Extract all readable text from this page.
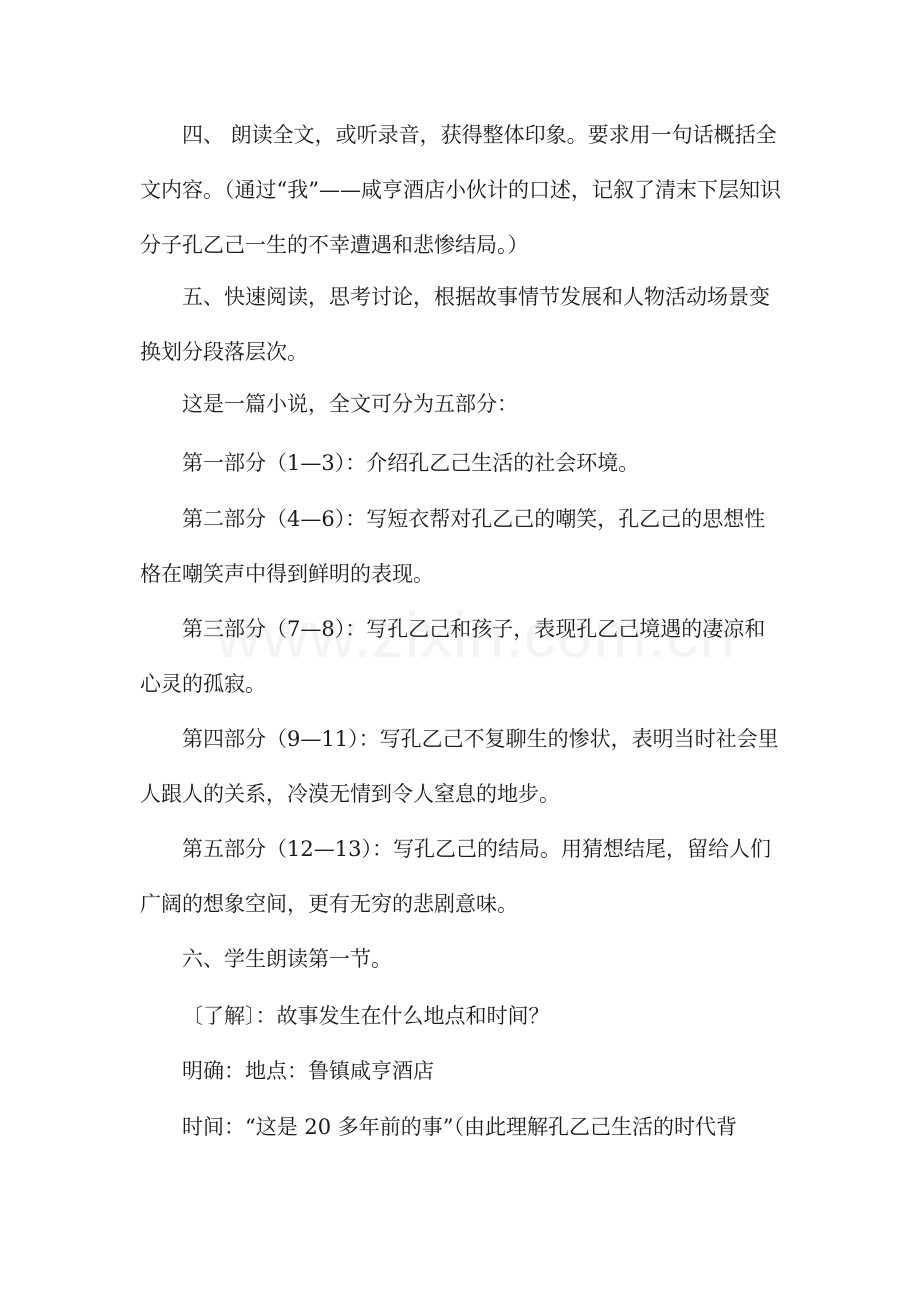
四、 朗读全文，或听录音，获得整体印象。要求用一句话概括全文内容。（通过“我”——咸亨酒店小伙计的口述，记叙了清末下层知识分子孔乙己一生的不幸遭遇和悲惨结局。）

五、快速阅读，思考讨论，根据故事情节发展和人物活动场景变换划分段落层次。

这是一篇小说，全文可分为五部分：

第一部分（1—3）：介绍孔乙己生活的社会环境。

第二部分（4—6）：写短衣帮对孔乙己的嘲笑，孔乙己的思想性格在嘲笑声中得到鲜明的表现。

第三部分（7—8）：写孔乙己和孩子，表现孔乙己境遇的凄凉和心灵的孤寂。

第四部分（9—11）：写孔乙己不复聊生的惨状，表明当时社会里人跟人的关系，冷漠无情到令人窒息的地步。

第五部分（12—13）：写孔乙己的结局。用猜想结尾，留给人们广阔的想象空间，更有无穷的悲剧意味。

六、学生朗读第一节。

〔了解〕：故事发生在什么地点和时间？

明确：地点：鲁镇咸亨酒店

时间：“这是 20 多年前的事”（由此理解孔乙己生活的时代背
